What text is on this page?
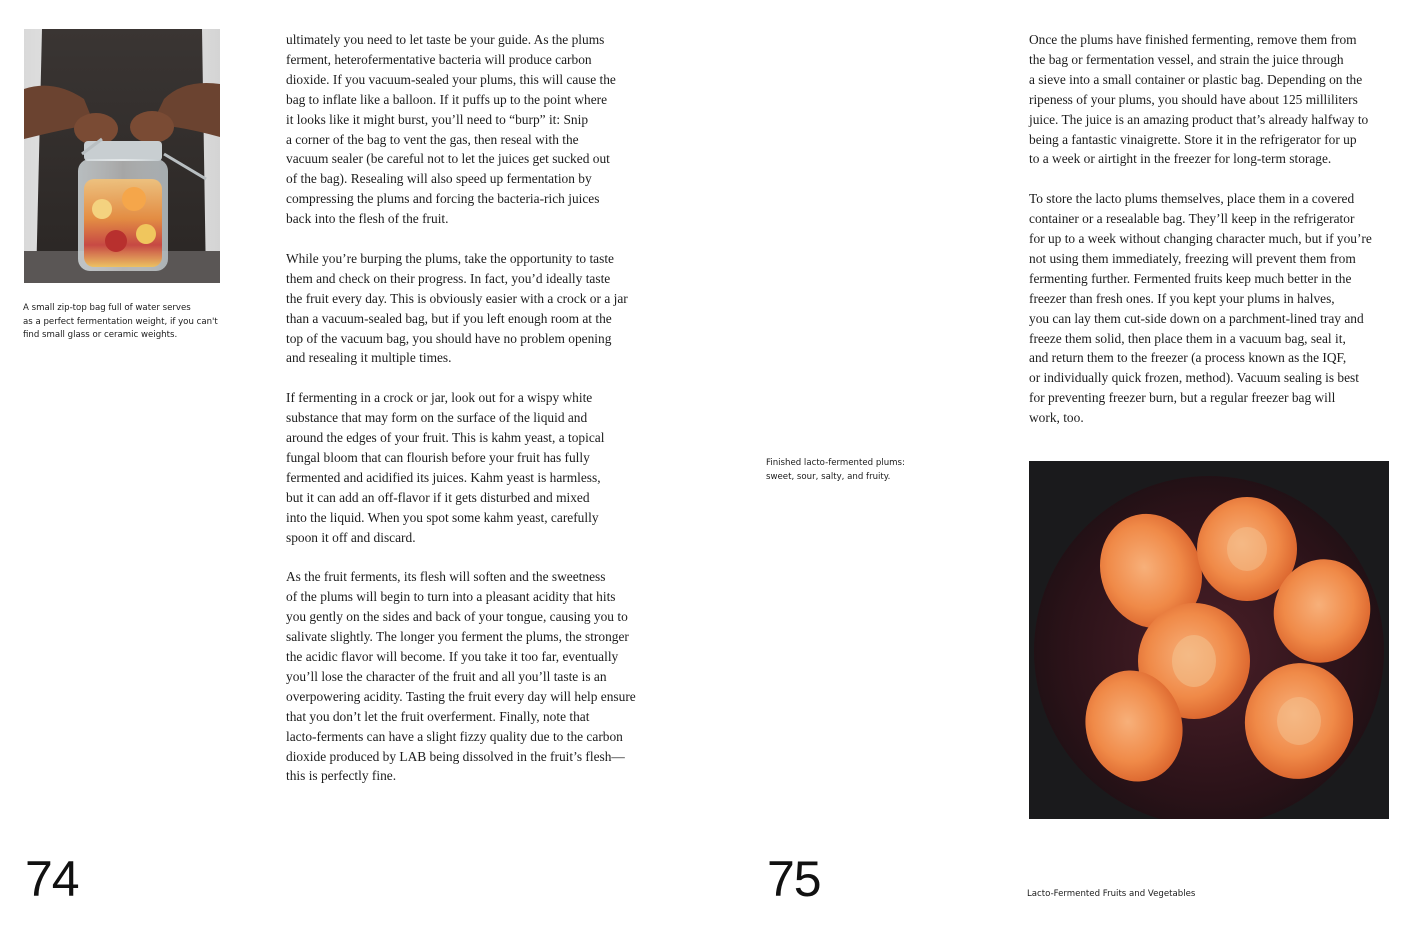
A small zip-top bag full of water serves
as a perfect fermentation weight, if you can't
find small glass or ceramic weights.

ultimately you need to let taste be your guide. As the plums
ferment, heterofermentative bacteria will produce carbon
dioxide. If you vacuum-sealed your plums, this will cause the
bag to inflate like a balloon. If it puffs up to the point where
it looks like it might burst, you’ll need to “burp” it: Snip
a corner of the bag to vent the gas, then reseal with the
vacuum sealer (be careful not to let the juices get sucked out
of the bag). Resealing will also speed up fermentation by
compressing the plums and forcing the bacteria-rich juices
back into the flesh of the fruit.

While you’re burping the plums, take the opportunity to taste
them and check on their progress. In fact, you’d ideally taste
the fruit every day. This is obviously easier with a crock or a jar
than a vacuum-sealed bag, but if you left enough room at the
top of the vacuum bag, you should have no problem opening
and resealing it multiple times.

If fermenting in a crock or jar, look out for a wispy white
substance that may form on the surface of the liquid and
around the edges of your fruit. This is kahm yeast, a topical
fungal bloom that can flourish before your fruit has fully
fermented and acidified its juices. Kahm yeast is harmless,
but it can add an off-flavor if it gets disturbed and mixed
into the liquid. When you spot some kahm yeast, carefully
spoon it off and discard.

As the fruit ferments, its flesh will soften and the sweetness
of the plums will begin to turn into a pleasant acidity that hits
you gently on the sides and back of your tongue, causing you to
salivate slightly. The longer you ferment the plums, the stronger
the acidic flavor will become. If you take it too far, eventually
you’ll lose the character of the fruit and all you’ll taste is an
overpowering acidity. Tasting the fruit every day will help ensure
that you don’t let the fruit overferment. Finally, note that
lacto-ferments can have a slight fizzy quality due to the carbon
dioxide produced by LAB being dissolved in the fruit’s flesh—
this is perfectly fine.

74
Finished lacto-fermented plums:
sweet, sour, salty, and fruity.

Once the plums have finished fermenting, remove them from
the bag or fermentation vessel, and strain the juice through
a sieve into a small container or plastic bag. Depending on the
ripeness of your plums, you should have about 125 milliliters
juice. The juice is an amazing product that’s already halfway to
being a fantastic vinaigrette. Store it in the refrigerator for up
to a week or airtight in the freezer for long-term storage.

To store the lacto plums themselves, place them in a covered
container or a resealable bag. They’ll keep in the refrigerator
for up to a week without changing character much, but if you’re
not using them immediately, freezing will prevent them from
fermenting further. Fermented fruits keep much better in the
freezer than fresh ones. If you kept your plums in halves,
you can lay them cut-side down on a parchment-lined tray and
freeze them solid, then place them in a vacuum bag, seal it,
and return them to the freezer (a process known as the IQF,
or individually quick frozen, method). Vacuum sealing is best
for preventing freezer burn, but a regular freezer bag will
work, too.

75	Lacto-Fermented Fruits and Vegetables
